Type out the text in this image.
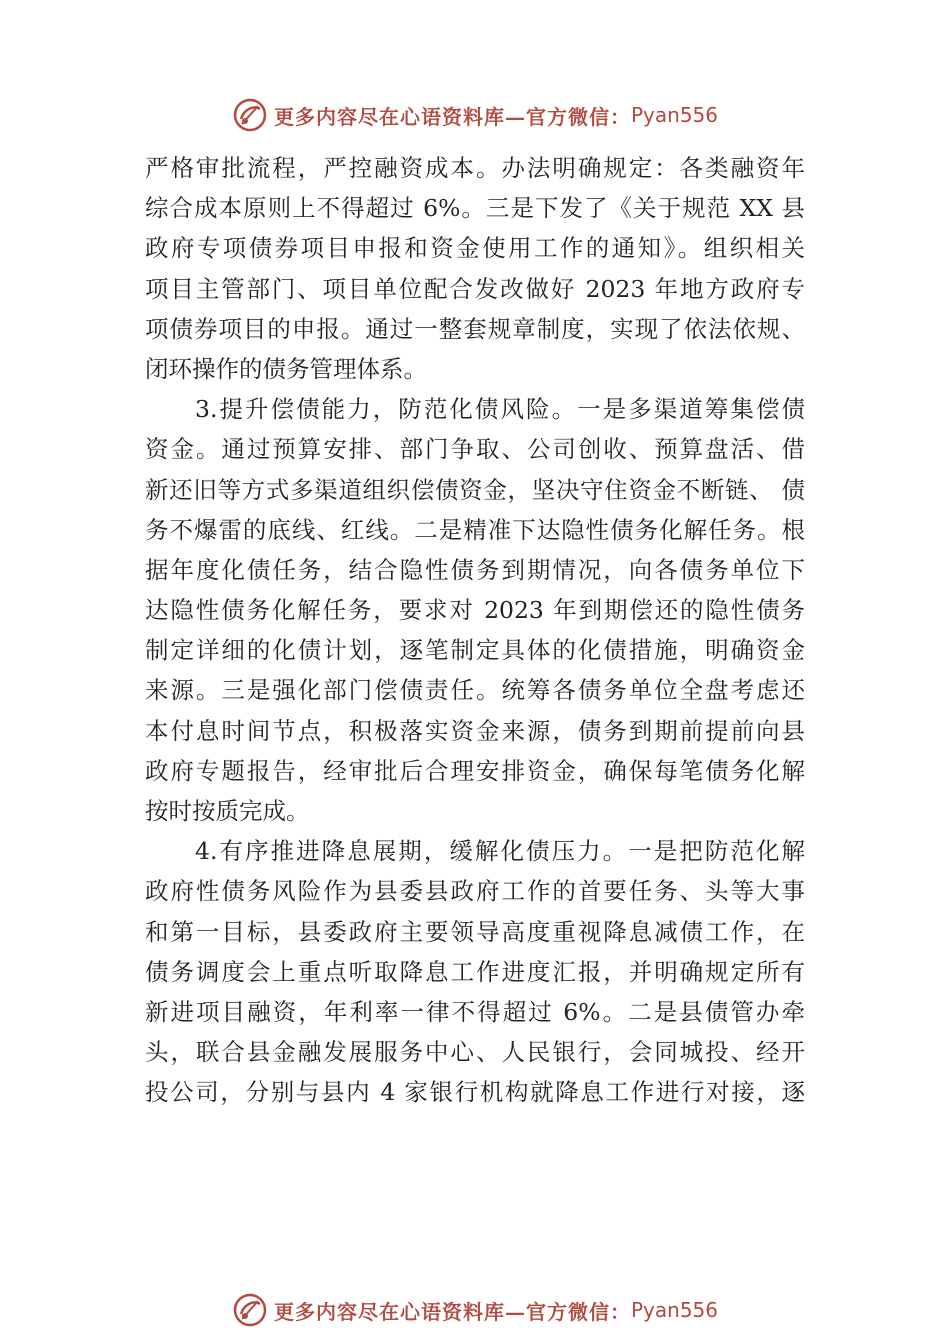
更多内容尽在心语资料库—官方微信： Pyan556
严格审批流程，严控融资成本。办法明确规定：各类融资年
综合成本原则上不得超过 6%。三是下发了《关于规范 XX 县
政府专项债券项目申报和资金使用工作的通知》。组织相关
项目主管部门、项目单位配合发改做好 2023 年地方政府专
项债券项目的申报。通过一整套规章制度，实现了依法依规、
闭环操作的债务管理体系。
3.提升偿债能力，防范化债风险。一是多渠道筹集偿债
资金。通过预算安排、部门争取、公司创收、预算盘活、借
新还旧等方式多渠道组织偿债资金，坚决守住资金不断链、 债
务不爆雷的底线、红线。二是精准下达隐性债务化解任务。根
据年度化债任务，结合隐性债务到期情况，向各债务单位下
达隐性债务化解任务，要求对 2023 年到期偿还的隐性债务
制定详细的化债计划，逐笔制定具体的化债措施，明确资金
来源。三是强化部门偿债责任。统筹各债务单位全盘考虑还
本付息时间节点，积极落实资金来源，债务到期前提前向县
政府专题报告，经审批后合理安排资金，确保每笔债务化解
按时按质完成。
4.有序推进降息展期，缓解化债压力。一是把防范化解
政府性债务风险作为县委县政府工作的首要任务、头等大事
和第一目标，县委政府主要领导高度重视降息减债工作，在
债务调度会上重点听取降息工作进度汇报，并明确规定所有
新进项目融资，年利率一律不得超过 6%。二是县债管办牵
头，联合县金融发展服务中心、人民银行，会同城投、经开
投公司，分别与县内 4 家银行机构就降息工作进行对接，逐
更多内容尽在心语资料库—官方微信： Pyan556
